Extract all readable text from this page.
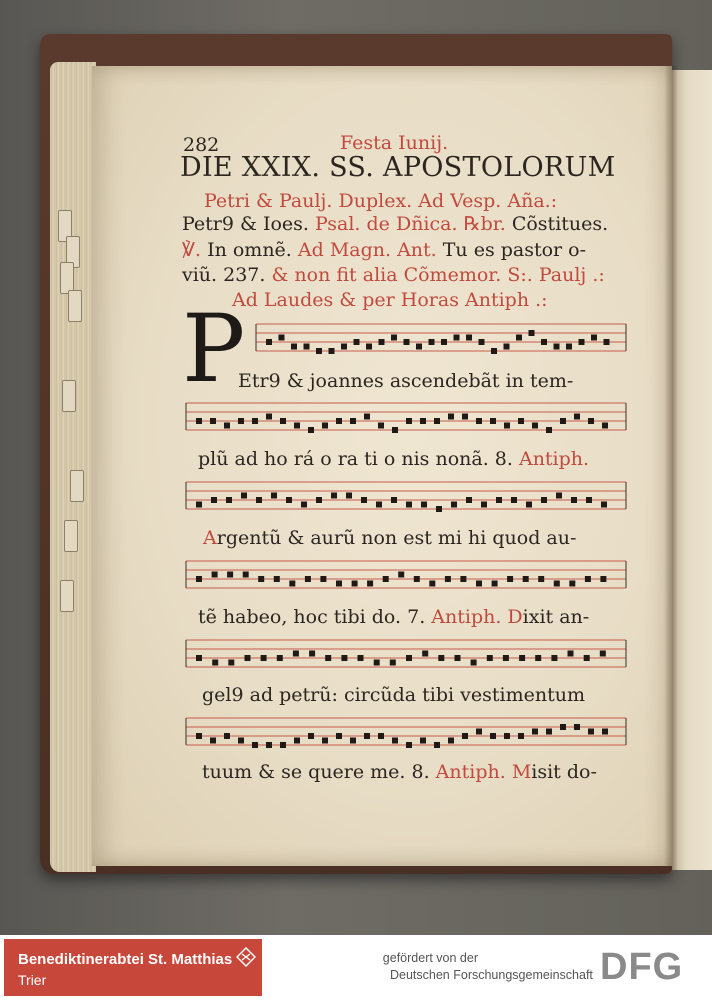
282	Festa Iunij.
DIE XXIX. SS. APOSTOLORUM
Petri & Paulj. Duplex. Ad Vesp. Aña.:
Petr9 & Ioes. Psal. de Dñica. ℞br. Cõstitues.
℣. In omnẽ. Ad Magn. Ant. Tu es pastor o-
viũ. 237. & non fit alia Cõmemor. S:. Paulj .:
Ad Laudes & per Horas Antiph .:
P
Etr9 & joannes ascendebãt in tem-
plũ ad ho rá o ra ti o nis nonã. 8. Antiph.
Argentũ & aurũ non est mi hi quod au-
tẽ habeo, hoc tibi do. 7. Antiph. Dixit an-
gel9 ad petrũ: circũda tibi vestimentum
tuum & se quere me. 8. Antiph. Misit do-
Benediktinerabtei St. Matthias
Trier
gefördert von der
Deutschen Forschungsgemeinschaft DFG
